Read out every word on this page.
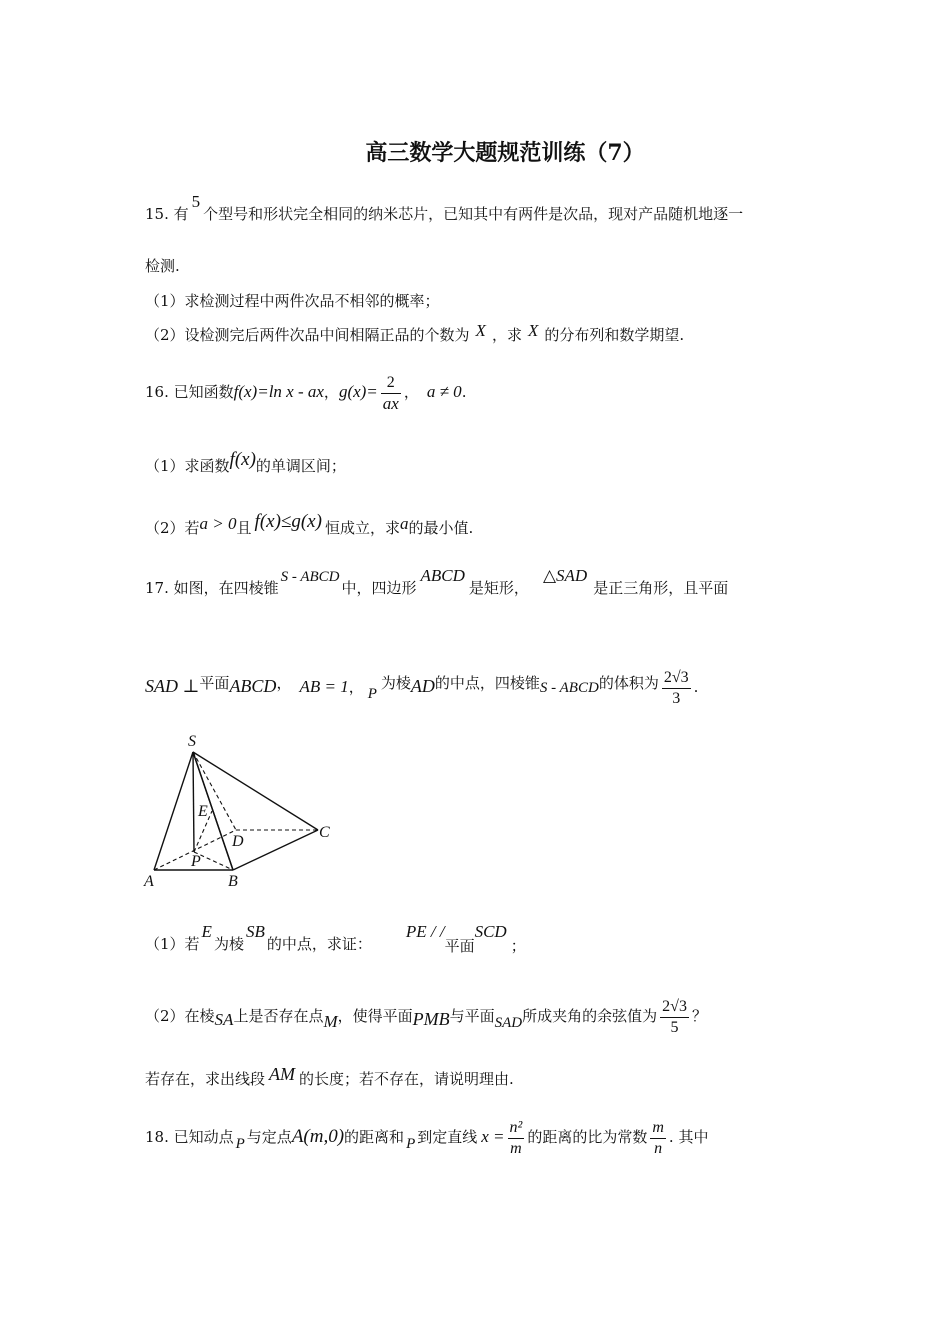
高三数学大题规范训练（7）
15. 有5个型号和形状完全相同的纳米芯片，已知其中有两件是次品，现对产品随机地逐一
检测.
（1）求检测过程中两件次品不相邻的概率；
（2）设检测完后两件次品中间相隔正品的个数为 X ，求 X 的分布列和数学期望.
16. 已知函数f(x)=ln x - ax，$g(x)= \frac{2}{ax}$ ， a ≠ 0.
（1）求函数f(x)的单调区间；
（2）若a > 0且 f(x)≤g(x) 恒成立，求a的最小值.
17. 如图，在四棱锥S - ABCD中，四边形ABCD是矩形，△SAD是正三角形，且平面
SAD ⊥平面ABCD， AB = 1， P为棱AD的中点，四棱锥S - ABCD的体积为 $\frac{2√3}{3}$ .
S
E
D
C
P
A	B
（1）若E为棱SB的中点，求证：PE / /平面SCD；
（2）在棱SA上是否存在点M，使得平面PMB与平面SAD所成夹角的余弦值为 $\frac{2√3}{5}$ ？
若存在，求出线段 AM 的长度；若不存在，请说明理由.
18. 已知动点 P 与定点A(m,0)的距离和 P 到定直线 $x = \frac{\text{n²}}{m}$ 的距离的比为常数 $\frac{m}{n}$ . 其中
